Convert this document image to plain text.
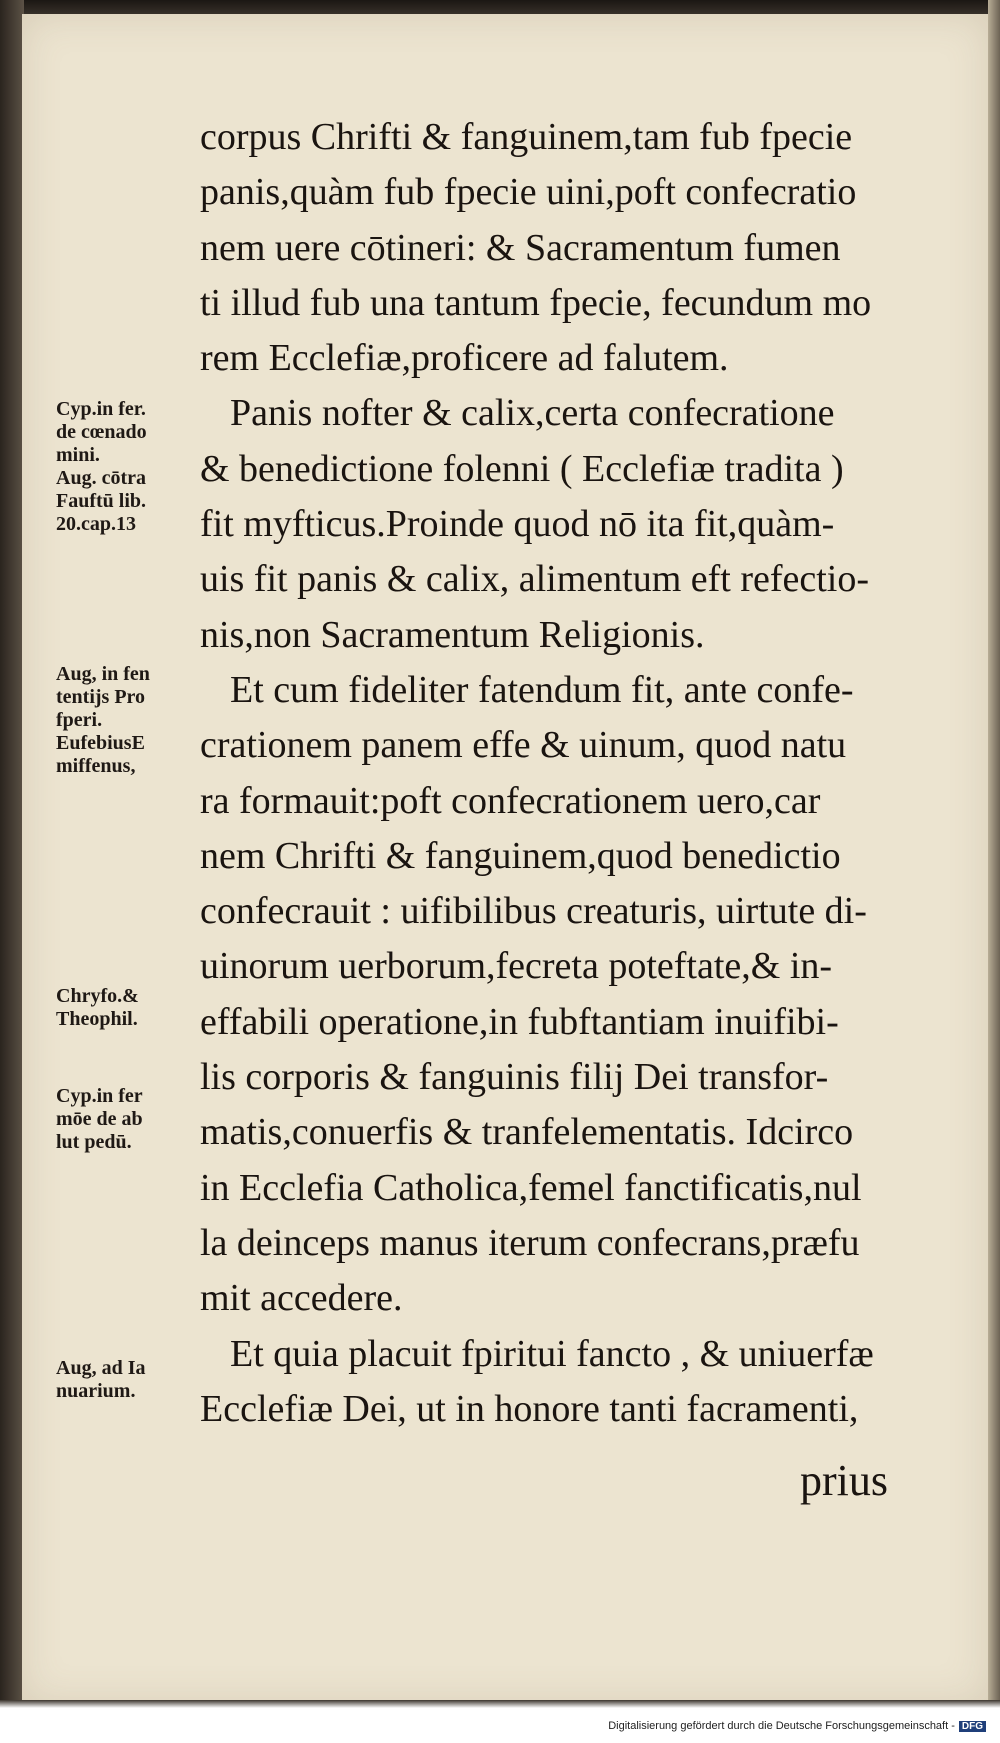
corpus Chrifti & fanguinem,tam fub fpecie
panis,quàm fub fpecie uini,poft confecratio
nem uere cōtineri: & Sacramentum fumen
ti illud fub una tantum fpecie, fecundum mo
rem Ecclefiæ,proficere ad falutem.
Panis nofter & calix,certa confecratione
& benedictione folenni ( Ecclefiæ tradita )
fit myfticus.Proinde quod nō ita fit,quàm-
uis fit panis & calix, alimentum eft refectio-
nis,non Sacramentum Religionis.
Et cum fideliter fatendum fit, ante confe-
crationem panem effe & uinum, quod natu
ra formauit:poft confecrationem uero,car
nem Chrifti & fanguinem,quod benedictio
confecrauit : uifibilibus creaturis, uirtute di-
uinorum uerborum,fecreta poteftate,& in-
effabili operatione,in fubftantiam inuifibi-
lis corporis & fanguinis filij Dei transfor-
matis,conuerfis & tranfelementatis. Idcirco
in Ecclefia Catholica,femel fanctificatis,nul
la deinceps manus iterum confecrans,præfu
mit accedere.
Et quia placuit fpiritui fancto , & uniuerfæ
Ecclefiæ Dei, ut in honore tanti facramenti,
prius
Cyp.in fer.
de cœnado
mini.
Aug. cōtra
Fauftū lib.
20.cap.13
Aug, in fen
tentijs Pro
fperi.
EufebiusE
miffenus,
Chryfo.&
Theophil.
Cyp.in fer
mōe de ab
lut pedū.
Aug, ad Ia
nuarium.
Digitalisierung gefördert durch die Deutsche Forschungsgemeinschaft - DFG
